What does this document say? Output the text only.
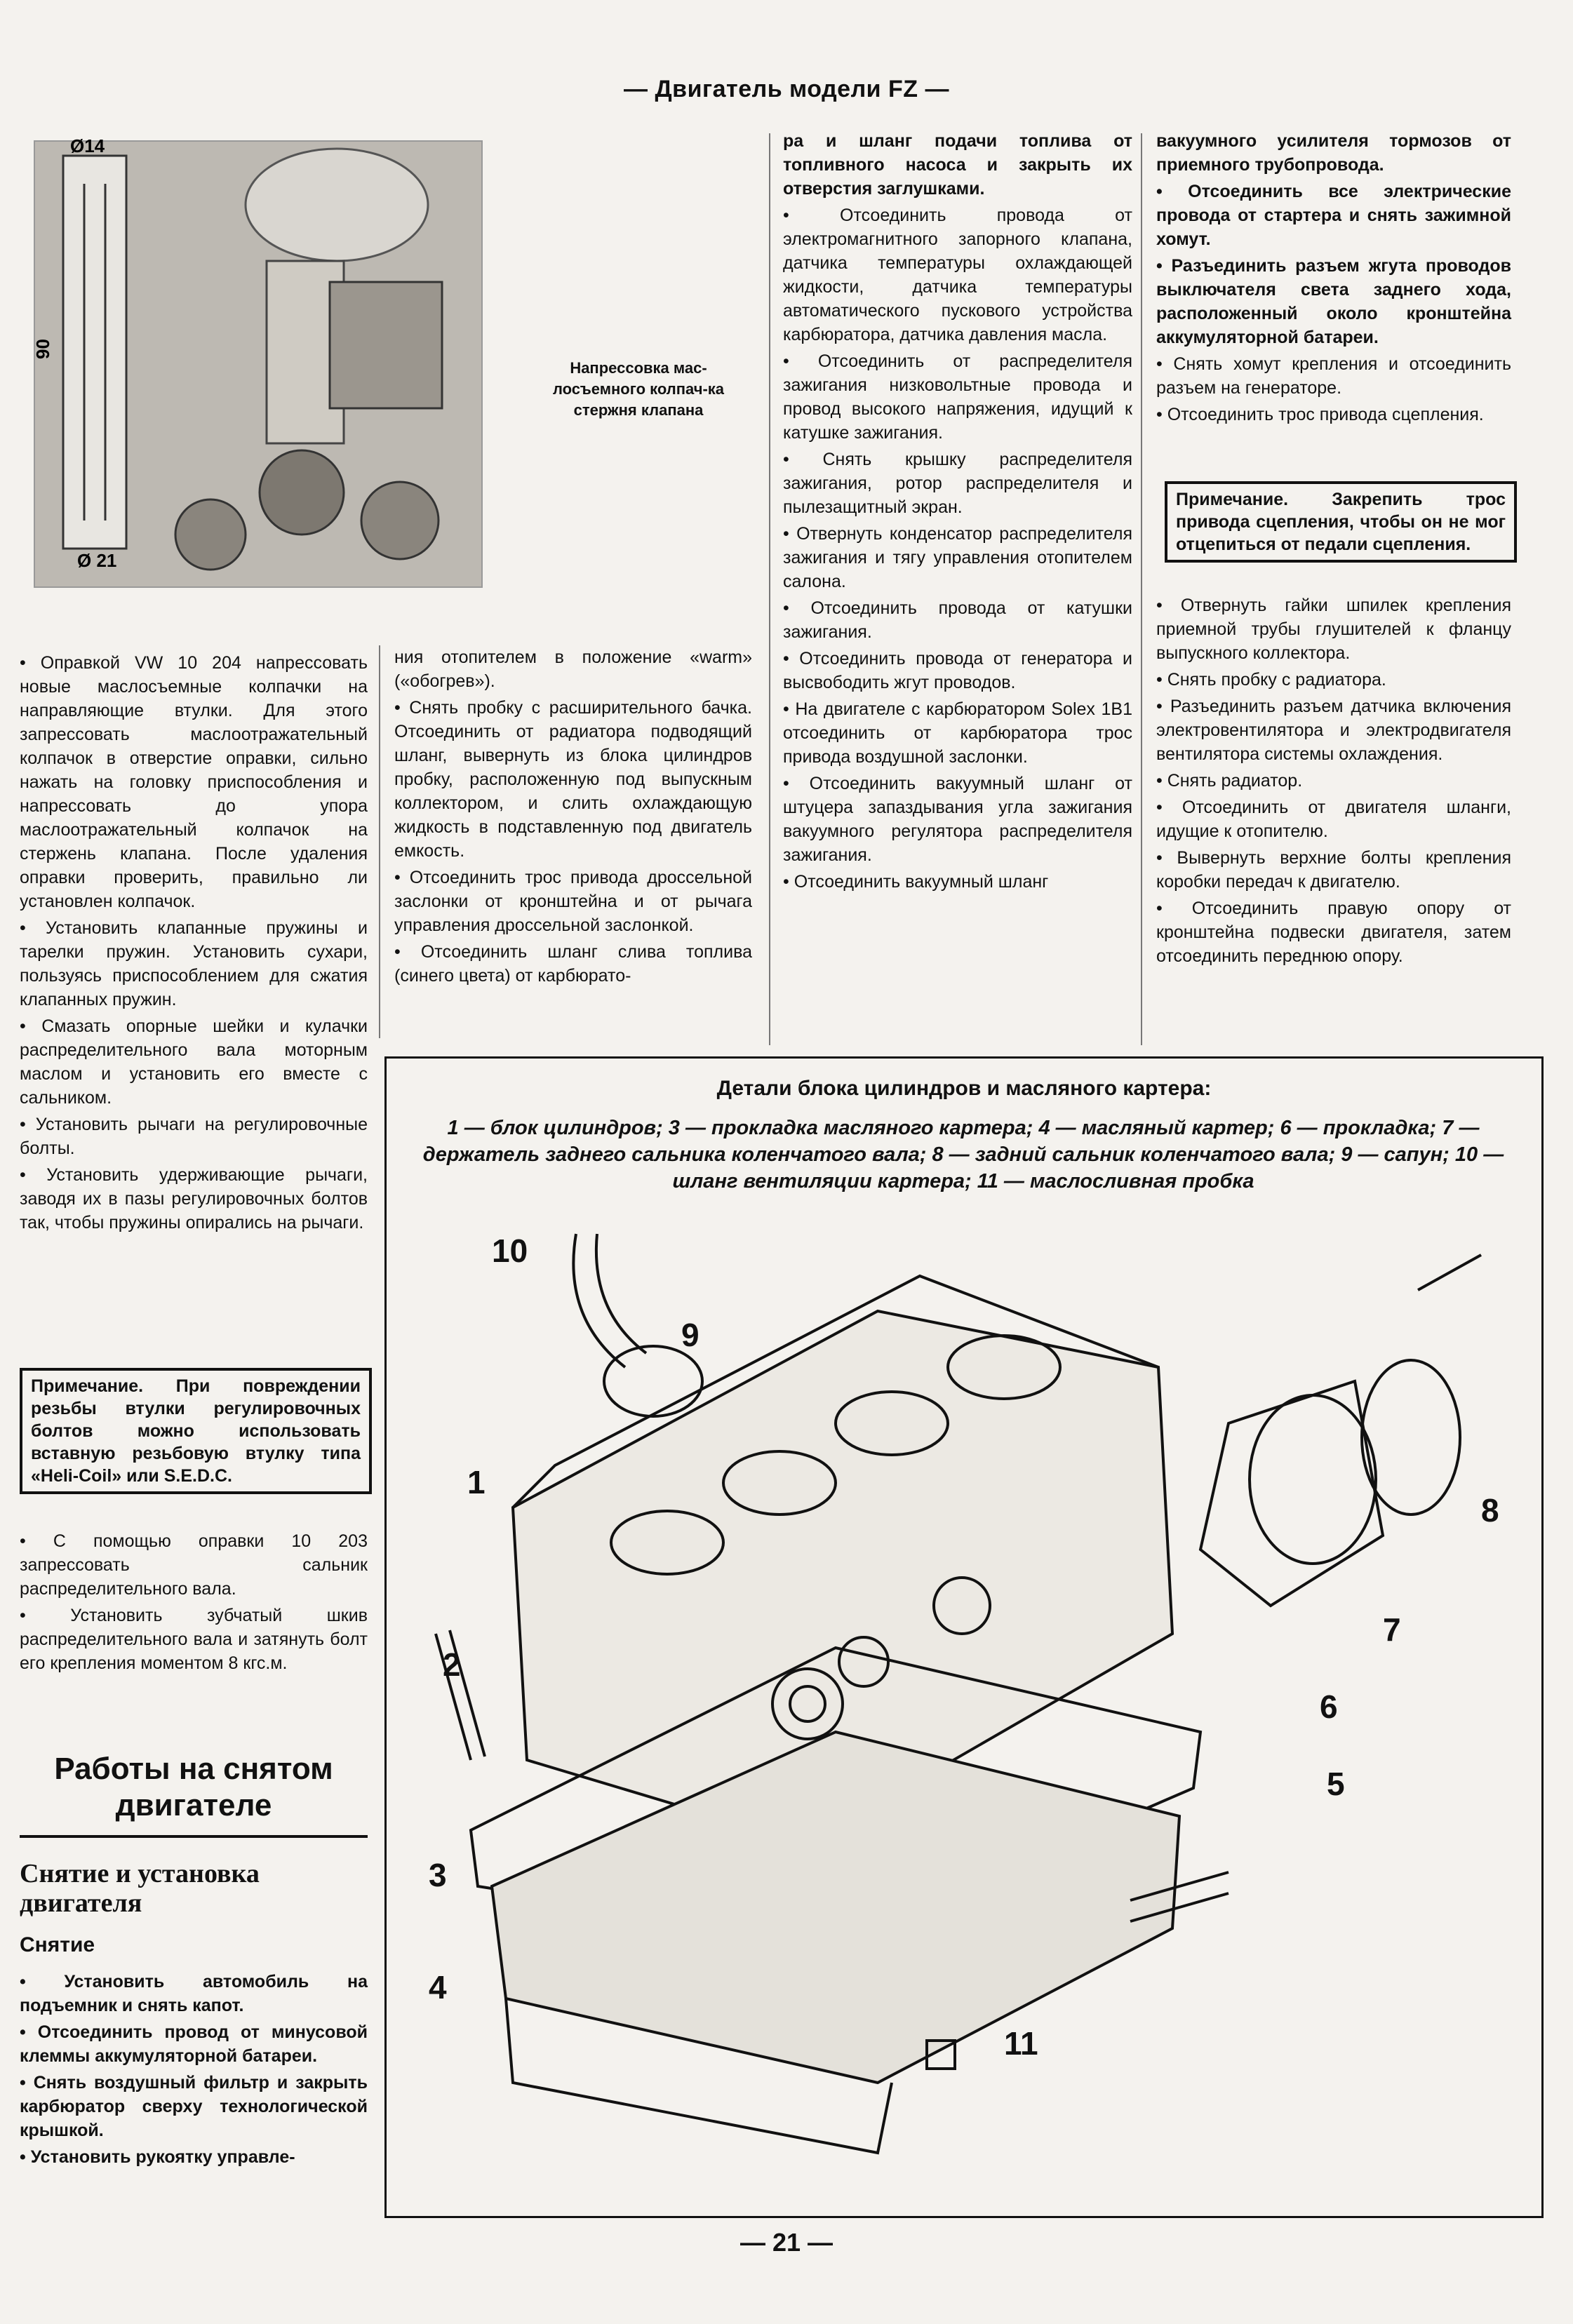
— Двигатель модели FZ —
Ø14
90
Ø 21
Напрессовка мас-лосъемного колпач-ка стержня клапана

• Оправкой VW 10 204 напрессовать новые маслосъемные колпачки на направляющие втулки. Для этого запрессовать маслоотражательный колпачок в отверстие оправки, сильно нажать на головку приспособления и напрессовать до упора маслоотражательный колпачок на стержень клапана. После удаления оправки проверить, правильно ли установлен колпачок.

• Установить клапанные пружины и тарелки пружин. Установить сухари, пользуясь приспособлением для сжатия клапанных пружин.

• Смазать опорные шейки и кулачки распределительного вала моторным маслом и установить его вместе с сальником.

• Установить рычаги на регулировочные болты.

• Установить удерживающие рычаги, заводя их в пазы регулировочных болтов так, чтобы пружины опирались на рычаги.

Примечание. При повреждении резьбы втулки регулировочных болтов можно использовать вставную резьбовую втулку типа «Heli-Coil» или S.E.D.C.

• С помощью оправки 10 203 запрессовать сальник распределительного вала.

• Установить зубчатый шкив распределительного вала и затянуть болт его крепления моментом 8 кгс.м.

Работы на снятом двигателе
Снятие и установка двигателя
Снятие

• Установить автомобиль на подъемник и снять капот.

• Отсоединить провод от минусовой клеммы аккумуляторной батареи.

• Снять воздушный фильтр и закрыть карбюратор сверху технологической крышкой.

• Установить рукоятку управле-

ния отопителем в положение «warm» («обогрев»).

• Снять пробку с расширительного бачка. Отсоединить от радиатора подводящий шланг, вывернуть из блока цилиндров пробку, расположенную под выпускным коллектором, и слить охлаждающую жидкость в подставленную под двигатель емкость.

• Отсоединить трос привода дроссельной заслонки от кронштейна и от рычага управления дроссельной заслонкой.

• Отсоединить шланг слива топлива (синего цвета) от карбюрато-

ра и шланг подачи топлива от топливного насоса и закрыть их отверстия заглушками.

• Отсоединить провода от электромагнитного запорного клапана, датчика температуры охлаждающей жидкости, датчика температуры автоматического пускового устройства карбюратора, датчика давления масла.

• Отсоединить от распределителя зажигания низковольтные провода и провод высокого напряжения, идущий к катушке зажигания.

• Снять крышку распределителя зажигания, ротор распределителя и пылезащитный экран.

• Отвернуть конденсатор распределителя зажигания и тягу управления отопителем салона.

• Отсоединить провода от катушки зажигания.

• Отсоединить провода от генератора и высвободить жгут проводов.

• На двигателе с карбюратором Solex 1B1 отсоединить от карбюратора трос привода воздушной заслонки.

• Отсоединить вакуумный шланг от штуцера запаздывания угла зажигания вакуумного регулятора распределителя зажигания.

• Отсоединить вакуумный шланг

вакуумного усилителя тормозов от приемного трубопровода.

• Отсоединить все электрические провода от стартера и снять зажимной хомут.

• Разъединить разъем жгута проводов выключателя света заднего хода, расположенный около кронштейна аккумуляторной батареи.

• Снять хомут крепления и отсоединить разъем на генераторе.

• Отсоединить трос привода сцепления.

Примечание. Закрепить трос привода сцепления, чтобы он не мог отцепиться от педали сцепления.

• Отвернуть гайки шпилек крепления приемной трубы глушителей к фланцу выпускного коллектора.

• Снять пробку с радиатора.

• Разъединить разъем датчика включения электровентилятора и электродвигателя вентилятора системы охлаждения.

• Снять радиатор.

• Отсоединить от двигателя шланги, идущие к отопителю.

• Вывернуть верхние болты крепления коробки передач к двигателю.

• Отсоединить правую опору от кронштейна подвески двигателя, затем отсоединить переднюю опору.

Детали блока цилиндров и масляного картера:
1 — блок цилиндров; 3 — прокладка масляного картера; 4 — масляный картер; 6 — прокладка; 7 — держатель заднего сальника коленчатого вала; 8 — задний сальник коленчатого вала; 9 — сапун; 10 — шланг вентиляции картера; 11 — маслосливная пробка
1
2
3
4
5
6
7
8
9
10
11
— 21 —
